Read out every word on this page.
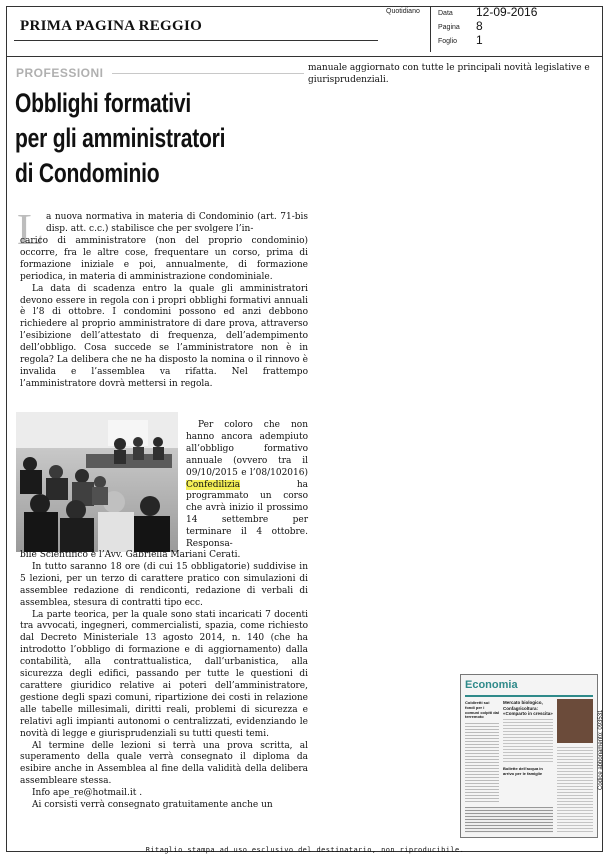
PRIMA PAGINA REGGIO
Quotidiano	Data 12-09-2016
Pagina 8
Foglio 1
PROFESSIONI
Obblighi formativi
per gli amministratori
di Condominio
L a nuova normativa in materia di Condominio (art. 71-bis disp. att. c.c.) stabilisce che per svolgere l’in-

carico di amministratore (non del proprio condominio) occorre, fra le altre cose, frequentare un corso, prima di formazione iniziale e poi, annualmente, di formazione periodica, in materia di amministrazione condominiale.

La data di scadenza entro la quale gli amministratori devono essere in regola con i propri obblighi formativi annuali è l’8 di ottobre. I condomini possono ed anzi debbono richiedere al proprio amministratore di dare prova, attraverso l’esibizione dell’attestato di frequenza, dell’adempimento dell’obbligo. Cosa succede se l’amministratore non è in regola? La delibera che ne ha disposto la nomina o il rinnovo è invalida e l’assemblea va rifatta. Nel frattempo l’amministratore dovrà mettersi in regola.

Per coloro che non hanno ancora adempiuto all’obbligo formativo annuale (ovvero tra il 09/10/2015 e l’08/102016) Confedilizia	ha programmato un corso che avrà inizio il prossimo 14 settembre per terminare il 4 ottobre. Responsa-

bile Scientifico è l’Avv. Gabriella Mariani Cerati.

In tutto saranno 18 ore (di cui 15 obbligatorie) suddivise in 5 lezioni, per un terzo di carattere pratico con simulazioni di assemblee redazione di rendiconti, redazione di verbali di assemblea, stesura di contratti tipo ecc.

La parte teorica, per la quale sono stati incaricati 7 docenti tra avvocati, ingegneri, commercialisti, spazia, come richiesto dal Decreto Ministeriale 13 agosto 2014, n. 140 (che ha introdotto l’obbligo di formazione e di aggiornamento) dalla contabilità, alla contrattualistica, dall’urbanistica, alla sicurezza degli edifici, passando per tutte le questioni di carattere giuridico relative ai poteri dell’amministratore, gestione degli spazi comuni, ripartizione dei costi in relazione alle tabelle millesimali, diritti reali, problemi di sicurezza e relativi agli impianti autonomi o centralizzati, evidenziando le novità di legge e giurisprudenziali su tutti questi temi.

Al termine delle lezioni si terrà una prova scritta, al superamento della quale verrà consegnato il diploma da esibire anche in Assemblea al fine della validità della delibera assembleare stessa.

Info ape_re@hotmail.it .

Ai corsisti verrà consegnato gratuitamente anche un

manuale aggiornato con tutte le principali novità legislative e giurisprudenziali.

Economia
Mercato biologico, Confagricoltura: «Comparto in crescita»
Coldiretti sui fondi per i comuni colpiti dal terremoto
Bollette dell'acqua in arrivo per le famiglie	Codice abbonamento: 093531
Ritaglio stampa ad uso esclusivo del destinatario, non riproducibile.
